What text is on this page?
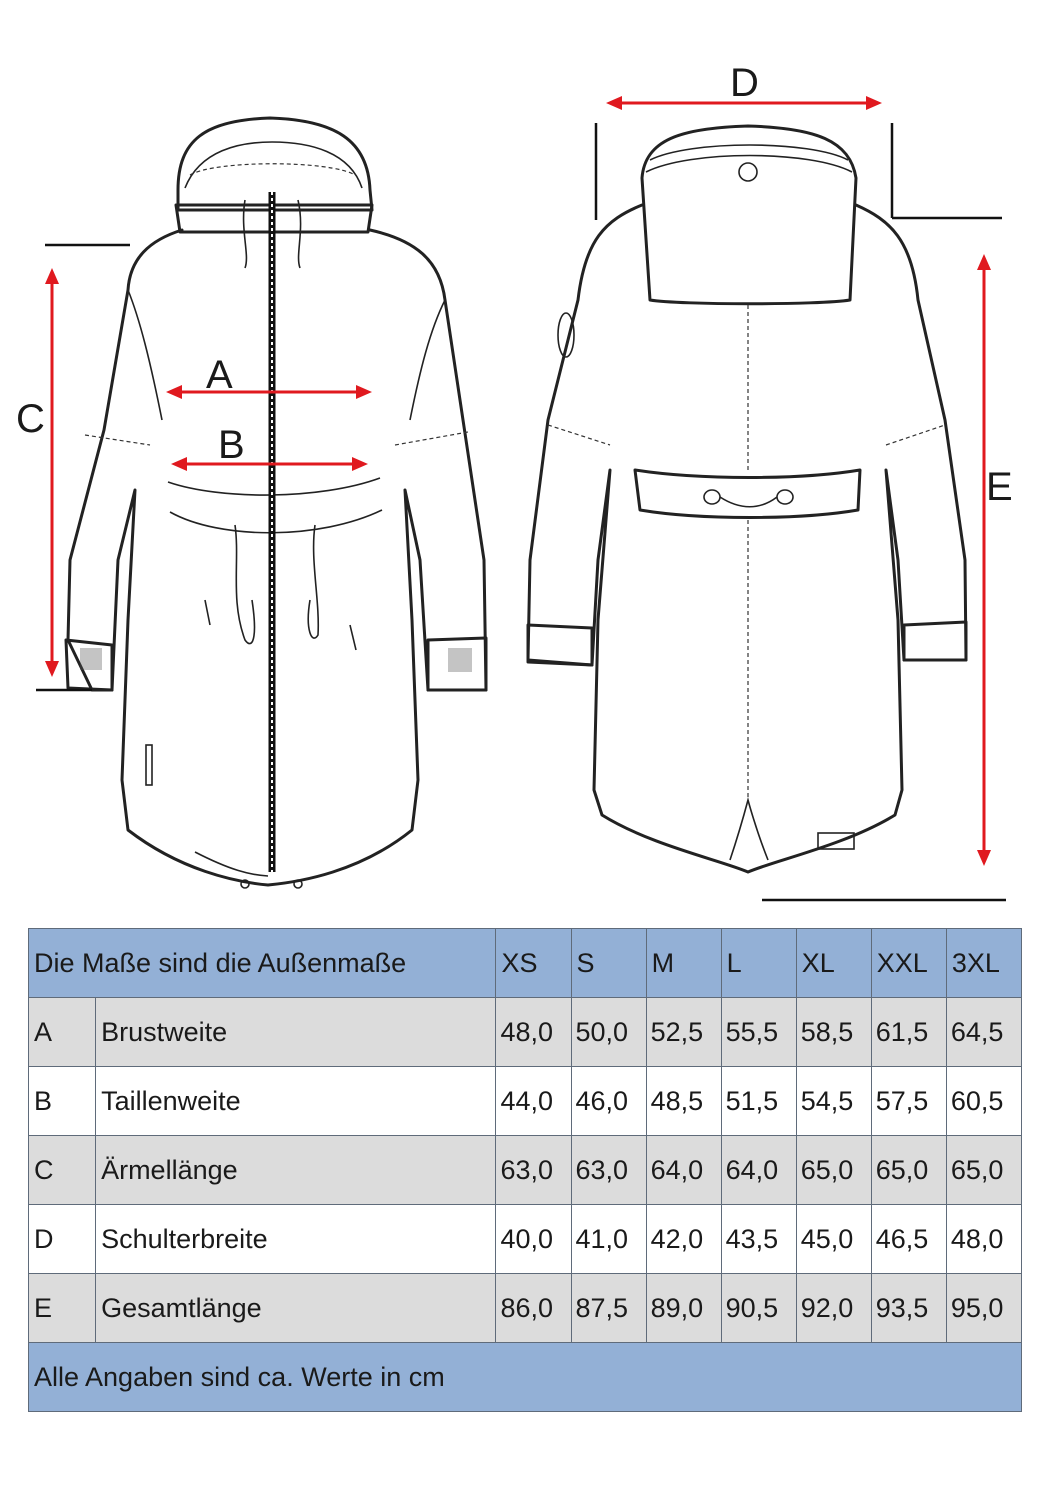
A
B
C
D
E
Die Maße sind die Außenmaße		XS	S	M	L	XL	XXL	3XL
A	Brustweite	48,0	50,0	52,5	55,5	58,5	61,5	64,5
B	Taillenweite	44,0	46,0	48,5	51,5	54,5	57,5	60,5
C	Ärmellänge	63,0	63,0	64,0	64,0	65,0	65,0	65,0
D	Schulterbreite	40,0	41,0	42,0	43,5	45,0	46,5	48,0
E	Gesamtlänge	86,0	87,5	89,0	90,5	92,0	93,5	95,0
Alle Angaben sind ca. Werte in cm								
